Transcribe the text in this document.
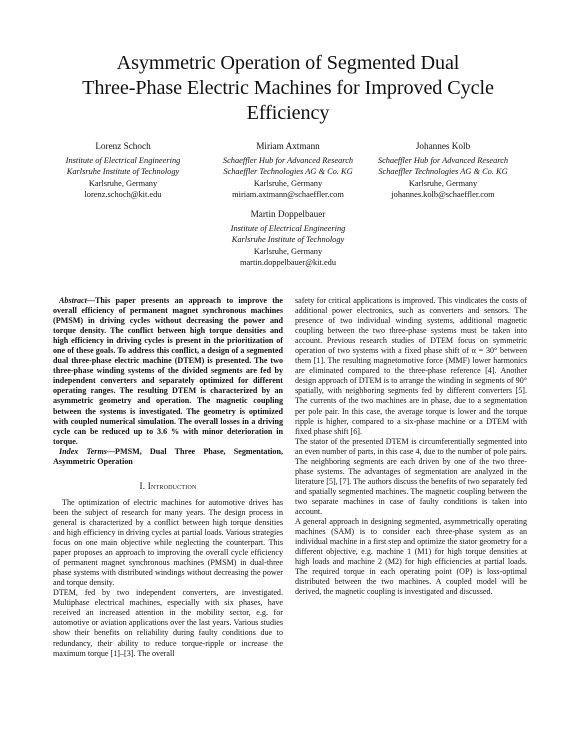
Asymmetric Operation of Segmented Dual
Three-Phase Electric Machines for Improved Cycle
Efficiency
Lorenz Schoch
Institute of Electrical Engineering
Karlsruhe Institute of Technology
Karlsruhe, Germany
lorenz.schoch@kit.edu
Miriam Axtmann
Schaeffler Hub for Advanced Research
Schaeffler Technologies AG & Co. KG
Karlsruhe, Germany
miriam.axtmann@schaeffler.com
Johannes Kolb
Schaeffler Hub for Advanced Research
Schaeffler Technologies AG & Co. KG
Karlsruhe, Germany
johannes.kolb@schaeffler.com
Martin Doppelbauer
Institute of Electrical Engineering
Karlsruhe Institute of Technology
Karlsruhe, Germany
martin.doppelbauer@kit.edu

Abstract—This paper presents an approach to improve the overall efficiency of permanent magnet synchronous machines (PMSM) in driving cycles without decreasing the power and torque density. The conflict between high torque densities and high efficiency in driving cycles is present in the prioritization of one of these goals. To address this conflict, a design of a segmented dual three-phase electric machine (DTEM) is presented. The two three-phase winding systems of the divided segments are fed by independent converters and separately optimized for different operating ranges. The resulting DTEM is characterized by an asymmetric geometry and operation. The magnetic coupling between the systems is investigated. The geometry is optimized with coupled numerical simulation. The overall losses in a driving cycle can be reduced up to 3.6 % with minor deterioration in torque.

Index Terms—PMSM, Dual Three Phase, Segmentation, Asymmetric Operation

I. Introduction

The optimization of electric machines for automotive drives has been the subject of research for many years. The design process in general is characterized by a conflict between high torque densities and high efficiency in driving cycles at partial loads. Various strategies focus on one main objective while neglecting the counterpart. This paper proposes an approach to improving the overall cycle efficiency of permanent magnet synchronous machines (PMSM) in dual-three phase systems with distributed windings without decreasing the power and torque density.

DTEM, fed by two independent converters, are investigated. Multiphase electrical machines, especially with six phases, have received an increased attention in the mobility sector, e.g. for automotive or aviation applications over the last years. Various studies show their benefits on reliability during faulty conditions due to redundancy, their ability to reduce torque-ripple or increase the maximum torque [1]–[3]. The overall

safety for critical applications is improved. This vindicates the costs of additional power electronics, such as converters and sensors. The presence of two individual winding systems, additional magnetic coupling between the two three-phase systems must be taken into account. Previous research studies of DTEM focus on symmetric operation of two systems with a fixed phase shift of α = 30° between them [1]. The resulting magnetomotive force (MMF) lower harmonics are eliminated compared to the three-phase reference [4]. Another design approach of DTEM is to arrange the winding in segments of 90° spatially, with neighboring segments fed by different converters [5]. The currents of the two machines are in phase, due to a segmentation per pole pair. In this case, the average torque is lower and the torque ripple is higher, compared to a six-phase machine or a DTEM with fixed phase shift [6].

The stator of the presented DTEM is circumferentially segmented into an even number of parts, in this case 4, due to the number of pole pairs. The neighboring segments are each driven by one of the two three-phase systems. The advantages of segmentation are analyzed in the literature [5], [7]. The authors discuss the benefits of two separately fed and spatially segmented machines. The magnetic coupling between the two separate machines in case of faulty conditions is taken into account.

A general approach in designing segmented, asymmetrically operating machines (SAM) is to consider each three-phase system as an individual machine in a first step and optimize the stator geometry for a different objective, e.g. machine 1 (M1) for high torque densities at high loads and machine 2 (M2) for high efficiencies at partial loads. The required torque in each operating point (OP) is loss-optimal distributed between the two machines. A coupled model will be derived, the magnetic coupling is investigated and discussed.
